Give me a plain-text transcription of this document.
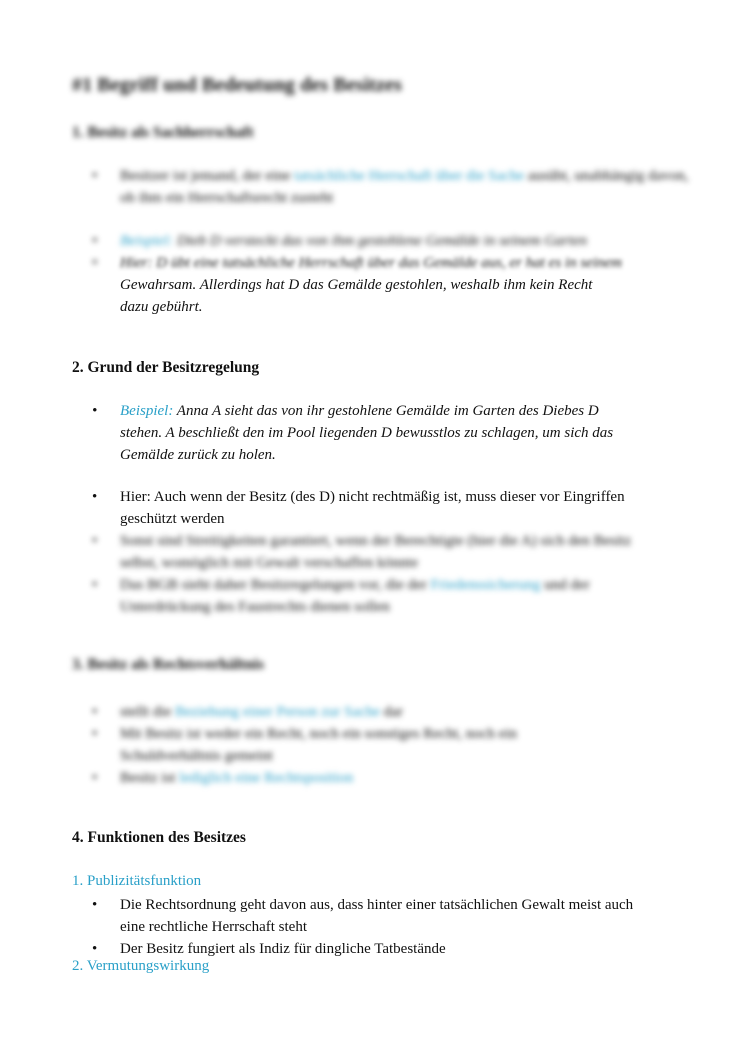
#1 Begriff und Bedeutung des Besitzes
1. Besitz als Sachherrschaft
•	Besitzer ist jemand, der eine tatsächliche Herrschaft über die Sache ausübt, unabhängig davon, ob ihm ein Herrschaftsrecht zusteht
•	Beispiel: Dieb D versteckt das von ihm gestohlene Gemälde in seinem Garten
•	Hier: D übt eine tatsächliche Herrschaft über das Gemälde aus, er hat es in seinem
Gewahrsam. Allerdings hat D das Gemälde gestohlen, weshalb ihm kein Recht
dazu gebührt.
2. Grund der Besitzregelung
•	Beispiel: Anna A sieht das von ihr gestohlene Gemälde im Garten des Diebes D
stehen. A beschließt den im Pool liegenden D bewusstlos zu schlagen, um sich das
Gemälde zurück zu holen.
•	Hier: Auch wenn der Besitz (des D) nicht rechtmäßig ist, muss dieser vor Eingriffen
geschützt werden
•	Sonst sind Streitigkeiten garantiert, wenn der Berechtigte (hier die A) sich den Besitz
selbst, womöglich mit Gewalt verschaffen könnte
•	Das BGB sieht daher Besitzregelungen vor, die der Friedenssicherung und der
Unterdrückung des Faustrechts dienen sollen
3. Besitz als Rechtsverhältnis
•	stellt die Beziehung einer Person zur Sache dar
•	Mit Besitz ist weder ein Recht, noch ein sonstiges Recht, noch ein
Schuldverhältnis gemeint
•	Besitz ist lediglich eine Rechtsposition
4. Funktionen des Besitzes
1. Publizitätsfunktion
•	Die Rechtsordnung geht davon aus, dass hinter einer tatsächlichen Gewalt meist auch
eine rechtliche Herrschaft steht
•	Der Besitz fungiert als Indiz für dingliche Tatbestände
2. Vermutungswirkung
